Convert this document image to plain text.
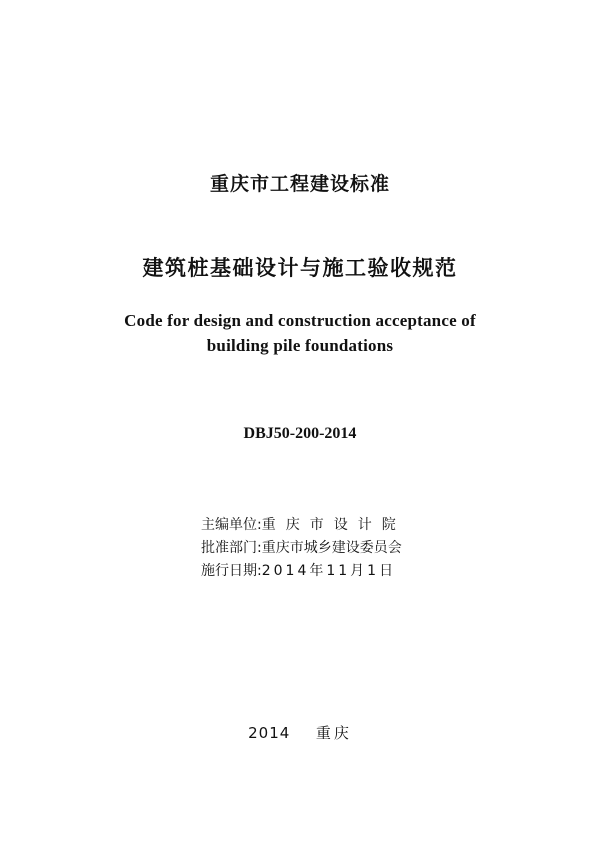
重庆市工程建设标准
建筑桩基础设计与施工验收规范
Code for design and construction acceptance of
building pile foundations
DBJ50-200-2014
主编单位:重庆市设计院
批准部门:重庆市城乡建设委员会
施行日期:2014年11月1日
2014 重庆
